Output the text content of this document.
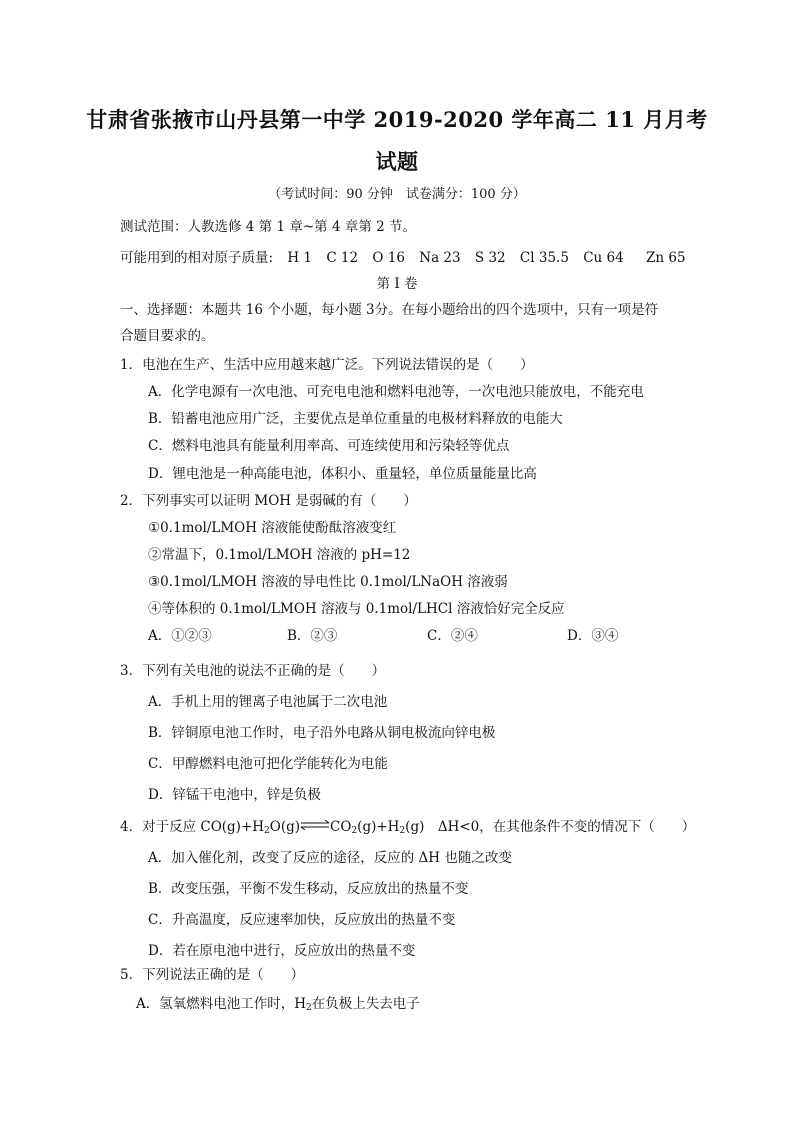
甘肃省张掖市山丹县第一中学 2019-2020 学年高二 11 月月考
试题
（考试时间：90 分钟　试卷满分：100 分）
测试范围：人教选修 4 第 1 章~第 4 章第 2 节。
可能用到的相对原子质量: H 1 C 12 O 16 Na 23 S 32 Cl 35.5 Cu 64 Zn 65
第 I 卷
一、选择题：本题共 16 个小题，每小题 3分。在每小题给出的四个选项中，只有一项是符
合题目要求的。
1．电池在生产、生活中应用越来越广泛。下列说法错误的是（　　）
A．化学电源有一次电池、可充电电池和燃料电池等，一次电池只能放电，不能充电
B．铅蓄电池应用广泛，主要优点是单位重量的电极材料释放的电能大
C．燃料电池具有能量利用率高、可连续使用和污染轻等优点
D．锂电池是一种高能电池，体积小、重量轻，单位质量能量比高
2．下列事实可以证明 MOH 是弱碱的有（　　）
①0.1mol/LMOH 溶液能使酚酞溶液变红
②常温下，0.1mol/LMOH 溶液的 pH=12
③0.1mol/LMOH 溶液的导电性比 0.1mol/LNaOH 溶液弱
④等体积的 0.1mol/LMOH 溶液与 0.1mol/LHCl 溶液恰好完全反应
A．①②③	B．②③	C．②④	D．③④
3．下列有关电池的说法不正确的是（　　）
A．手机上用的锂离子电池属于二次电池
B．锌铜原电池工作时，电子沿外电路从铜电极流向锌电极
C．甲醇燃料电池可把化学能转化为电能
D．锌锰干电池中，锌是负极
4．对于反应 $CO(g)+H_2O(g)\rightleftharpoons CO_2(g)+H_2(g)$　ΔH<0，在其他条件不变的情况下（　　）
A．加入催化剂，改变了反应的途径，反应的 ΔH 也随之改变
B．改变压强，平衡不发生移动，反应放出的热量不变
C．升高温度，反应速率加快，反应放出的热量不变
D．若在原电池中进行，反应放出的热量不变
5．下列说法正确的是（　　）
A．氢氧燃料电池工作时，$H_2$在负极上失去电子
